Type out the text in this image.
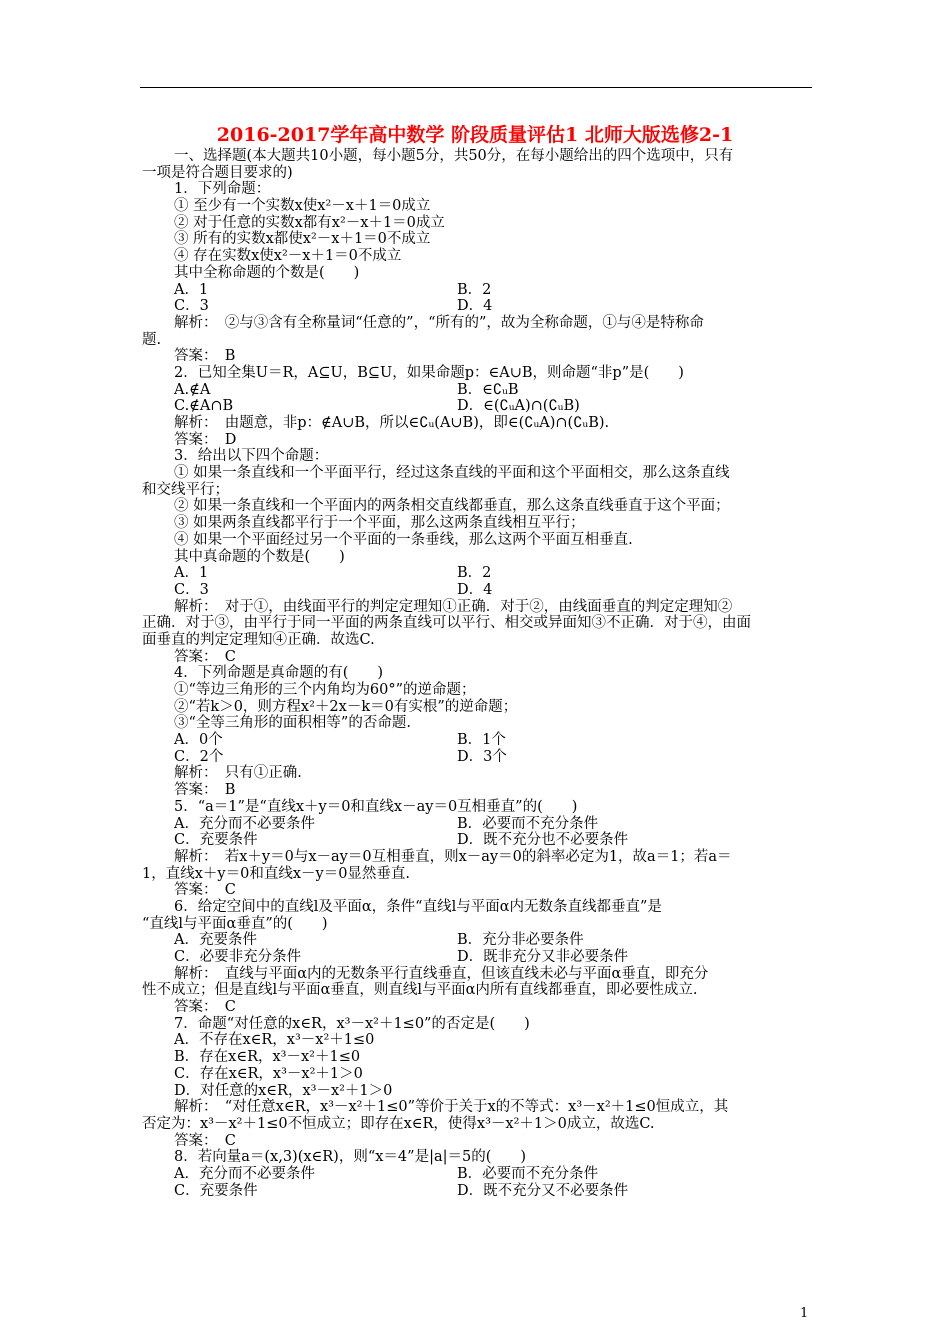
2016-2017学年高中数学 阶段质量评估1 北师大版选修2-1
一、选择题(本大题共10小题，每小题5分，共50分，在每小题给出的四个选项中，只有
一项是符合题目要求的)
1．下列命题：
① 至少有一个实数x使x²－x＋1＝0成立
② 对于任意的实数x都有x²－x＋1＝0成立
③ 所有的实数x都使x²－x＋1＝0不成立
④ 存在实数x使x²－x＋1＝0不成立
其中全称命题的个数是(　　)
A．1	B．2
C．3	D．4
解析：　②与③含有全称量词“任意的”，“所有的”，故为全称命题，①与④是特称命
题.
答案：　B
2．已知全集U＝R，A⊆U，B⊆U，如果命题p：∈A∪B，则命题“非p”是(　　)
A.∉A	B．∈∁ᵤB
C.∉A∩B	D．∈(∁ᵤA)∩(∁ᵤB)
解析：　由题意，非p：∉A∪B，所以∈∁ᵤ(A∪B)，即∈(∁ᵤA)∩(∁ᵤB).
答案：　D
3．给出以下四个命题：
① 如果一条直线和一个平面平行，经过这条直线的平面和这个平面相交，那么这条直线
和交线平行；
② 如果一条直线和一个平面内的两条相交直线都垂直，那么这条直线垂直于这个平面；
③ 如果两条直线都平行于一个平面，那么这两条直线相互平行；
④ 如果一个平面经过另一个平面的一条垂线，那么这两个平面互相垂直.
其中真命题的个数是(　　)
A．1	B．2
C．3	D．4
解析：　对于①，由线面平行的判定定理知①正确．对于②，由线面垂直的判定定理知②
正确．对于③，由平行于同一平面的两条直线可以平行、相交或异面知③不正确．对于④，由面
面垂直的判定定理知④正确．故选C.
答案：　C
4．下列命题是真命题的有(　　)
①“等边三角形的三个内角均为60°”的逆命题；
②“若k＞0，则方程x²＋2x－k＝0有实根”的逆命题；
③“全等三角形的面积相等”的否命题.
A．0个	B．1个
C．2个	D．3个
解析：　只有①正确.
答案：　B
5．“a＝1”是“直线x＋y＝0和直线x－ay＝0互相垂直”的(　　)
A．充分而不必要条件	B．必要而不充分条件
C．充要条件	D．既不充分也不必要条件
解析：　若x＋y＝0与x－ay＝0互相垂直，则x－ay＝0的斜率必定为1，故a＝1；若a＝
1，直线x＋y＝0和直线x－y＝0显然垂直.
答案：　C
6．给定空间中的直线l及平面α，条件“直线l与平面α内无数条直线都垂直”是
“直线l与平面α垂直”的(　　)
A．充要条件	B．充分非必要条件
C．必要非充分条件	D．既非充分又非必要条件
解析：　直线与平面α内的无数条平行直线垂直，但该直线未必与平面α垂直，即充分
性不成立；但是直线l与平面α垂直，则直线l与平面α内所有直线都垂直，即必要性成立.
答案：　C
7．命题“对任意的x∈R，x³－x²＋1≤0”的否定是(　　)
A．不存在x∈R，x³－x²＋1≤0
B．存在x∈R，x³－x²＋1≤0
C．存在x∈R，x³－x²＋1＞0
D．对任意的x∈R，x³－x²＋1＞0
解析：　“对任意x∈R，x³－x²＋1≤0”等价于关于x的不等式：x³－x²＋1≤0恒成立，其
否定为：x³－x²＋1≤0不恒成立；即存在x∈R，使得x³－x²＋1＞0成立，故选C.
答案：　C
8．若向量a＝(x,3)(x∈R)，则“x＝4”是|a|＝5的(　　)
A．充分而不必要条件	B．必要而不充分条件
C．充要条件	D．既不充分又不必要条件
1
